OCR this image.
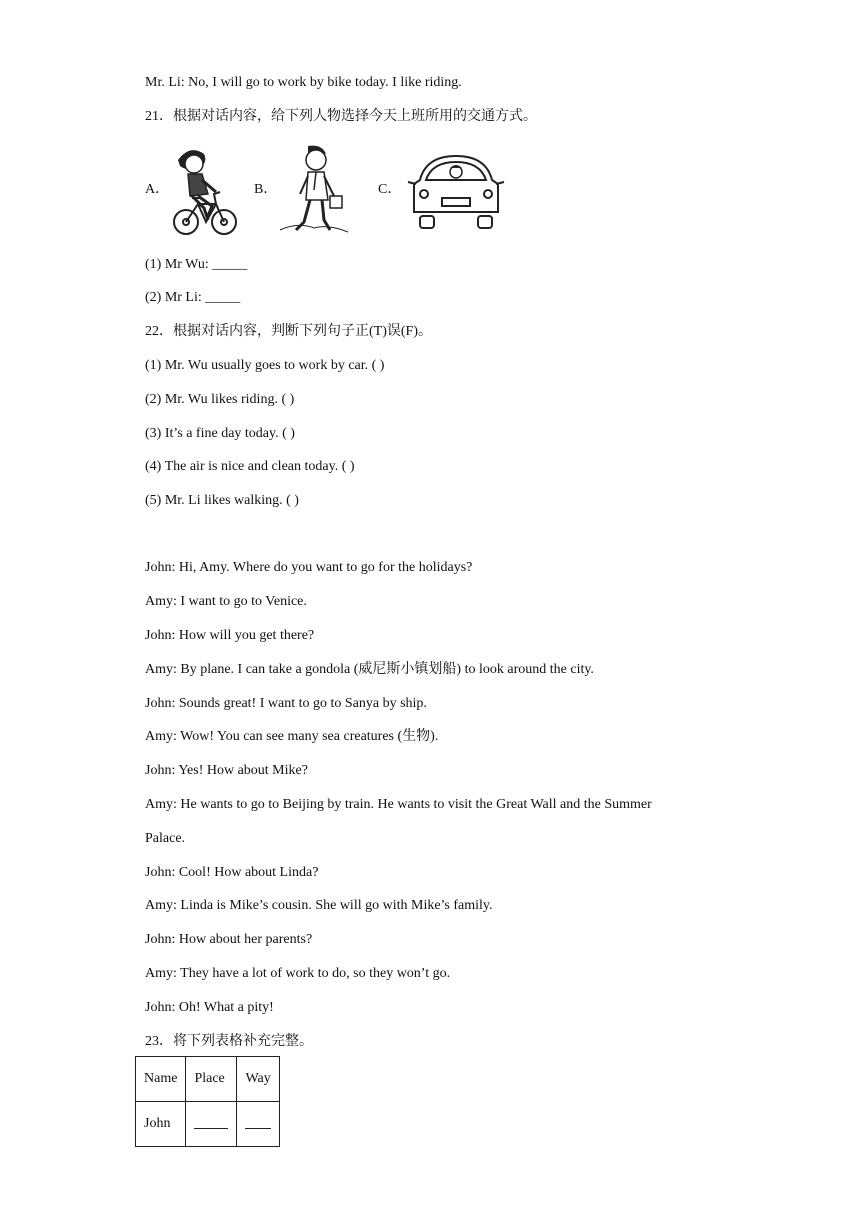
Mr. Li: No, I will go to work by bike today. I like riding.
21．根据对话内容，给下列人物选择今天上班所用的交通方式。
A．	B．	C．
(1) Mr Wu: _____
(2) Mr Li: _____
22．根据对话内容，判断下列句子正(T)误(F)。
(1) Mr. Wu usually goes to work by car. ( )
(2) Mr. Wu likes riding. ( )
(3) It’s a fine day today. ( )
(4) The air is nice and clean today. ( )
(5) Mr. Li likes walking. ( )
John: Hi, Amy. Where do you want to go for the holidays?
Amy: I want to go to Venice.
John: How will you get there?
Amy: By plane. I can take a gondola (威尼斯小镇划船) to look around the city.
John: Sounds great! I want to go to Sanya by ship.
Amy: Wow! You can see many sea creatures (生物).
John: Yes! How about Mike?
Amy: He wants to go to Beijing by train. He wants to visit the Great Wall and the Summer
Palace.
John: Cool! How about Linda?
Amy: Linda is Mike’s cousin. She will go with Mike’s family.
John: How about her parents?
Amy: They have a lot of work to do, so they won’t go.
John: Oh! What a pity!
23．将下列表格补充完整。
Name	Place	Way
John		
